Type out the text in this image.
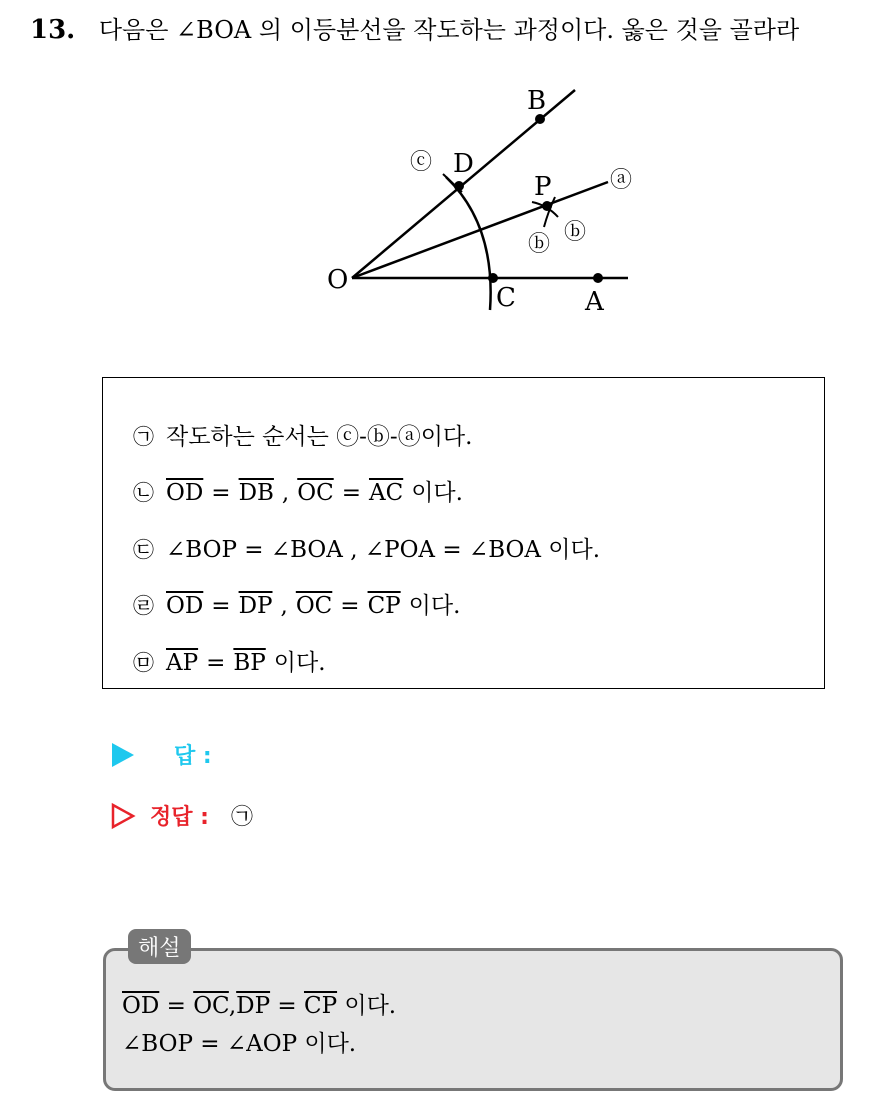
13. 다음은 ∠BOA 의 이등분선을 작도하는 과정이다. 옳은 것을 골라라
B
D
P
O
C	A
ⓒ
ⓐ
ⓑ ⓑ
㉠ 작도하는 순서는 ⓒ-ⓑ-ⓐ이다.
㉡ $\overline{OD} = \overline{DB}$ , $\overline{OC} = \overline{AC}$ 이다.
㉢ ∠BOP = ∠BOA , ∠POA = ∠BOA 이다.
㉣ $\overline{OD} = \overline{DP}$ , $\overline{OC} = \overline{CP}$ 이다.
㉤ $\overline{AP} = \overline{BP}$ 이다.
답 :
정답 : ㉠
해설
$\overline{OD} = \overline{OC},\overline{DP} = \overline{CP}$ 이다.
∠BOP = ∠AOP 이다.
